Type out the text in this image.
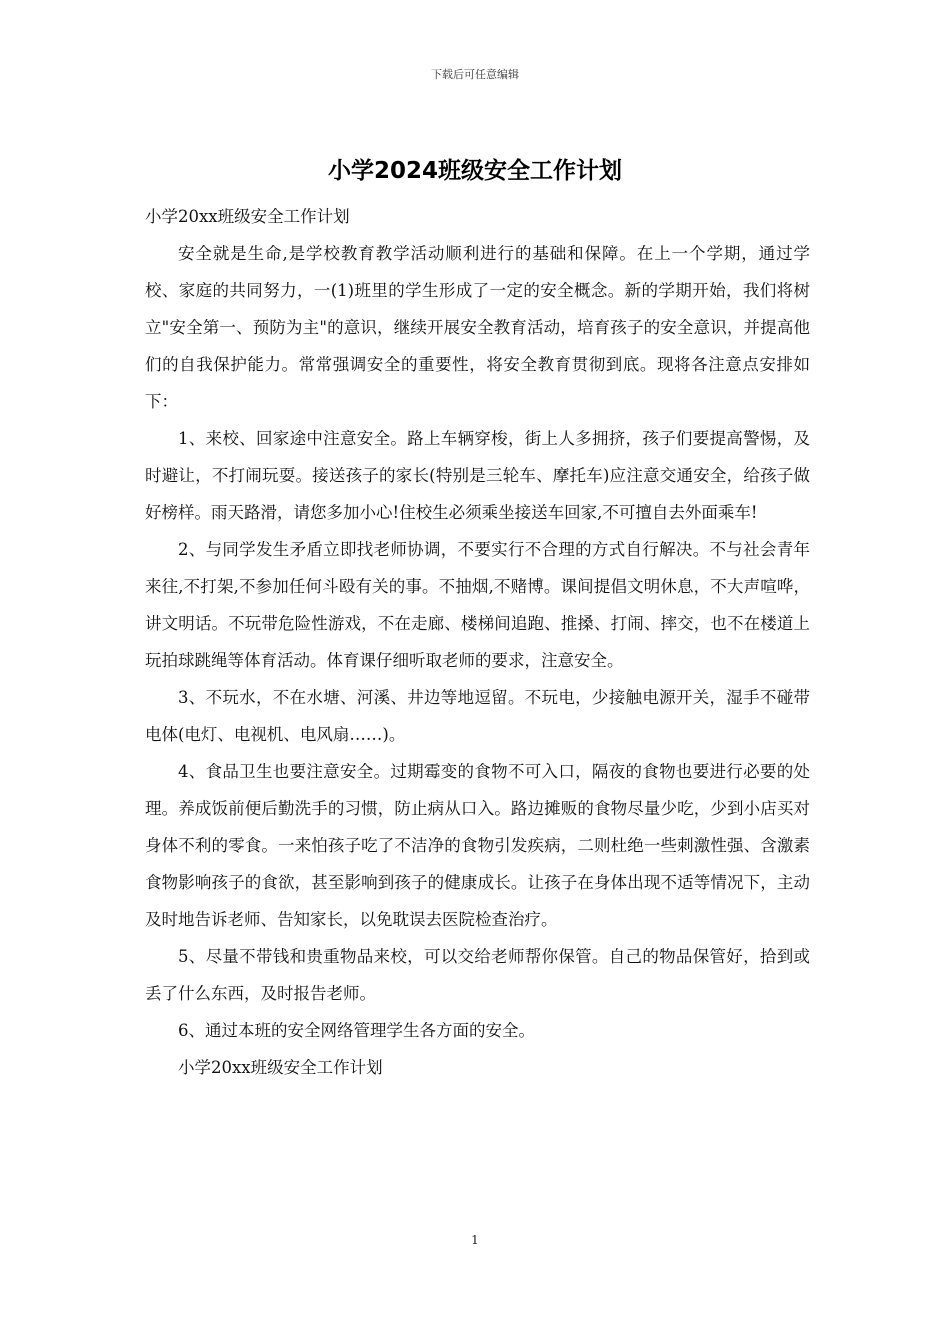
下载后可任意编辑
小学2024班级安全工作计划

小学20xx班级安全工作计划

安全就是生命,是学校教育教学活动顺利进行的基础和保障。在上一个学期，通过学校、家庭的共同努力，一(1)班里的学生形成了一定的安全概念。新的学期开始，我们将树立"安全第一、预防为主"的意识，继续开展安全教育活动，培育孩子的安全意识，并提高他们的自我保护能力。常常强调安全的重要性，将安全教育贯彻到底。现将各注意点安排如下：

1、来校、回家途中注意安全。路上车辆穿梭，街上人多拥挤，孩子们要提高警惕，及时避让，不打闹玩耍。接送孩子的家长(特别是三轮车、摩托车)应注意交通安全，给孩子做好榜样。雨天路滑，请您多加小心!住校生必须乘坐接送车回家,不可擅自去外面乘车!

2、与同学发生矛盾立即找老师协调，不要实行不合理的方式自行解决。不与社会青年来往,不打架,不参加任何斗殴有关的事。不抽烟,不赌博。课间提倡文明休息，不大声喧哗，讲文明话。不玩带危险性游戏，不在走廊、楼梯间追跑、推搡、打闹、摔交，也不在楼道上玩拍球跳绳等体育活动。体育课仔细听取老师的要求，注意安全。

3、不玩水，不在水塘、河溪、井边等地逗留。不玩电，少接触电源开关，湿手不碰带电体(电灯、电视机、电风扇……)。

4、食品卫生也要注意安全。过期霉变的食物不可入口，隔夜的食物也要进行必要的处理。养成饭前便后勤洗手的习惯，防止病从口入。路边摊贩的食物尽量少吃，少到小店买对身体不利的零食。一来怕孩子吃了不洁净的食物引发疾病，二则杜绝一些刺激性强、含激素食物影响孩子的食欲，甚至影响到孩子的健康成长。让孩子在身体出现不适等情况下，主动及时地告诉老师、告知家长，以免耽误去医院检查治疗。

5、尽量不带钱和贵重物品来校，可以交给老师帮你保管。自己的物品保管好，拾到或丢了什么东西，及时报告老师。

6、通过本班的安全网络管理学生各方面的安全。

小学20xx班级安全工作计划

1
